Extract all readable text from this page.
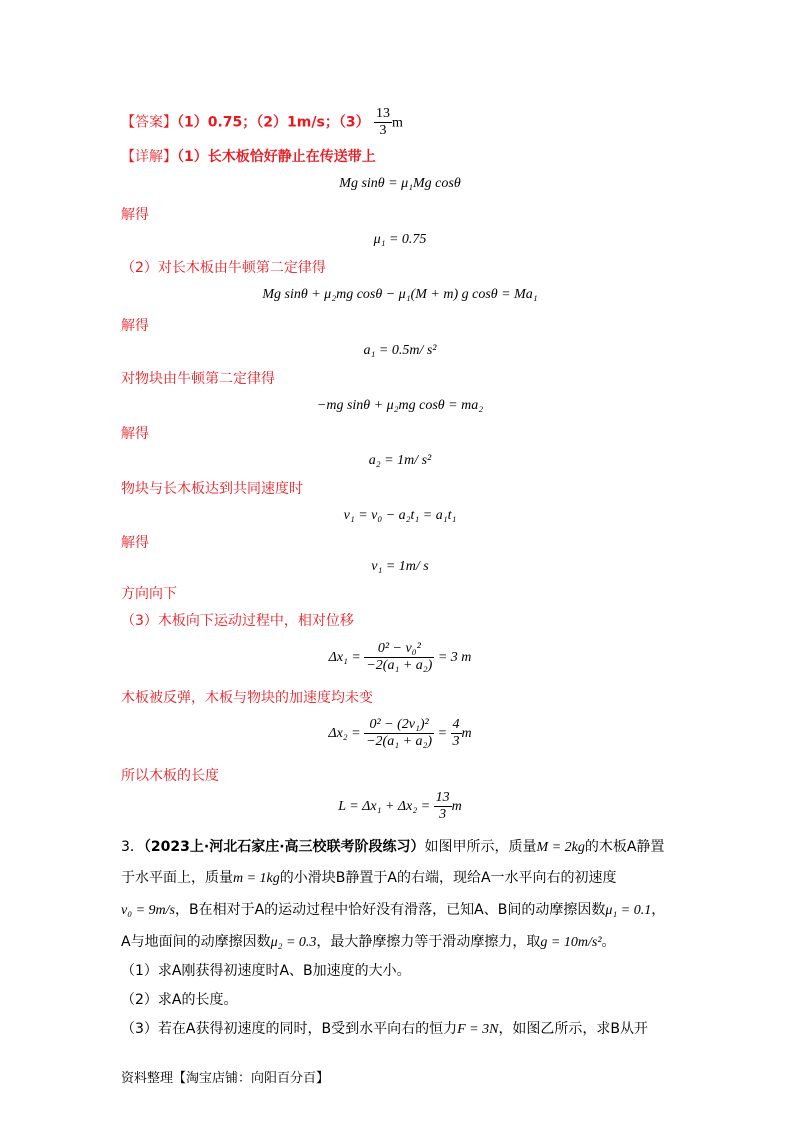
【答案】（1）0.75；（2）1m/s；$(3) \frac{13}{3}$ m
【详解】（1）长木板恰好静止在传送带上
Mg sinθ = μ₁Mg cosθ
解得
μ₁ = 0.75
（2）对长木板由牛顿第二定律得
Mg sinθ + μ₂mg cosθ − μ₁(M + m) g cosθ = Ma₁
解得
a₁ = 0.5m/ s²
对物块由牛顿第二定律得
−mg sinθ + μ₂mg cosθ = ma₂
解得
a₂ = 1m/ s²
物块与长木板达到共同速度时
v₁ = v₀ − a₂t₁ = a₁t₁
解得
v₁ = 1m/ s
方向向下
（3）木板向下运动过程中，相对位移
$\Delta x_1 = \frac{\text{0² − v₀²}}{\text{−2(a₁ + a₂)}} = 3$ m
木板被反弹，木板与物块的加速度均未变
$\Delta x_2 = \frac{\text{0² − (2v₁)²}}{\text{−2(a₁ + a₂)}} = \frac{4}{3}$ m
所以木板的长度
$L = \Delta x_1 + \Delta x_2 = \frac{13}{3}$ m
3．（2023上·河北石家庄·高三校联考阶段练习）如图甲所示，质量M = 2kg的木板A静置
于水平面上，质量m = 1kg的小滑块B静置于A的右端，现给A一水平向右的初速度
v₀ = 9m/s，B在相对于A的运动过程中恰好没有滑落，已知A、B间的动摩擦因数μ₁ = 0.1，
A与地面间的动摩擦因数μ₂ = 0.3，最大静摩擦力等于滑动摩擦力，取g = 10m/s²。
（1）求A刚获得初速度时A、B加速度的大小。
（2）求A的长度。
（3）若在A获得初速度的同时，B受到水平向右的恒力F = 3N，如图乙所示，求B从开
资料整理【淘宝店铺：向阳百分百】
